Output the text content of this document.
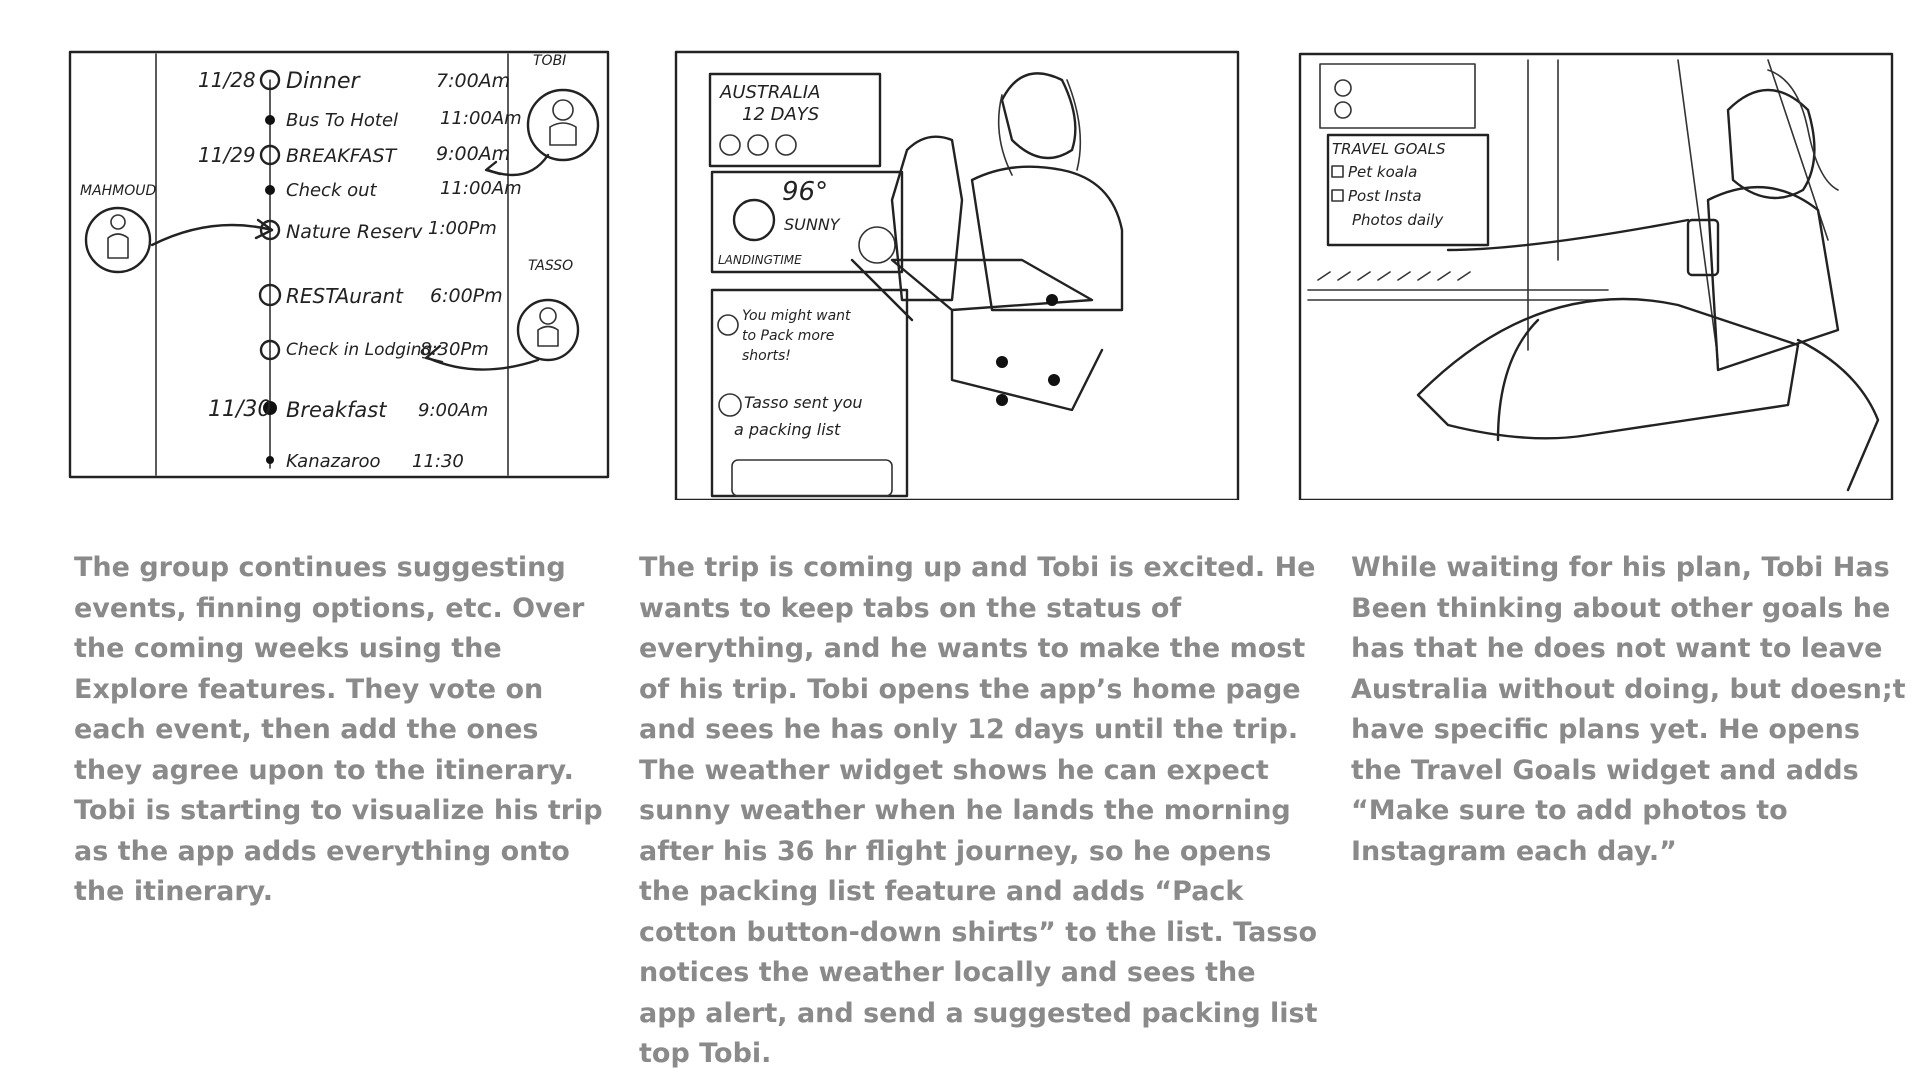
11/28 Dinner	7:00Am
Bus To Hotel 11:00Am
11/29 BREAKFAST 9:00Am
Check out	11:00Am
Nature Reserv 1:00Pm
RESTAurant 6:00Pm
Check in Lodging
8:30Pm
11/30 Breakfast 9:00Am
Kanazaroo 11:30
MAHMOUD
TOBI
TASSO
AUSTRALIA
12 DAYS
96°
SUNNY
LANDINGTIME
You might want
to Pack more
shorts!
Tasso sent you
a packing list
TRAVEL GOALS
Pet koala
Post Insta
Photos daily

The group continues suggesting events, finning options, etc. Over the coming weeks using the Explore features. They vote on each event, then add the ones they agree upon to the itinerary. Tobi is starting to visualize his trip as the app adds everything onto the itinerary.

The trip is coming up and Tobi is excited. He wants to keep tabs on the status of everything, and he wants to make the most of his trip. Tobi opens the app’s home page and sees he has only 12 days until the trip. The weather widget shows he can expect sunny weather when he lands the morning after his 36 hr flight journey, so he opens the packing list feature and adds “Pack cotton button-down shirts” to the list. Tasso notices the weather locally and sees the app alert, and send a suggested packing list top Tobi.

While waiting for his plan, Tobi Has Been thinking about other goals he has that he does not want to leave Australia without doing, but doesn;t have specific plans yet. He opens the Travel Goals widget and adds “Make sure to add photos to Instagram each day.”
